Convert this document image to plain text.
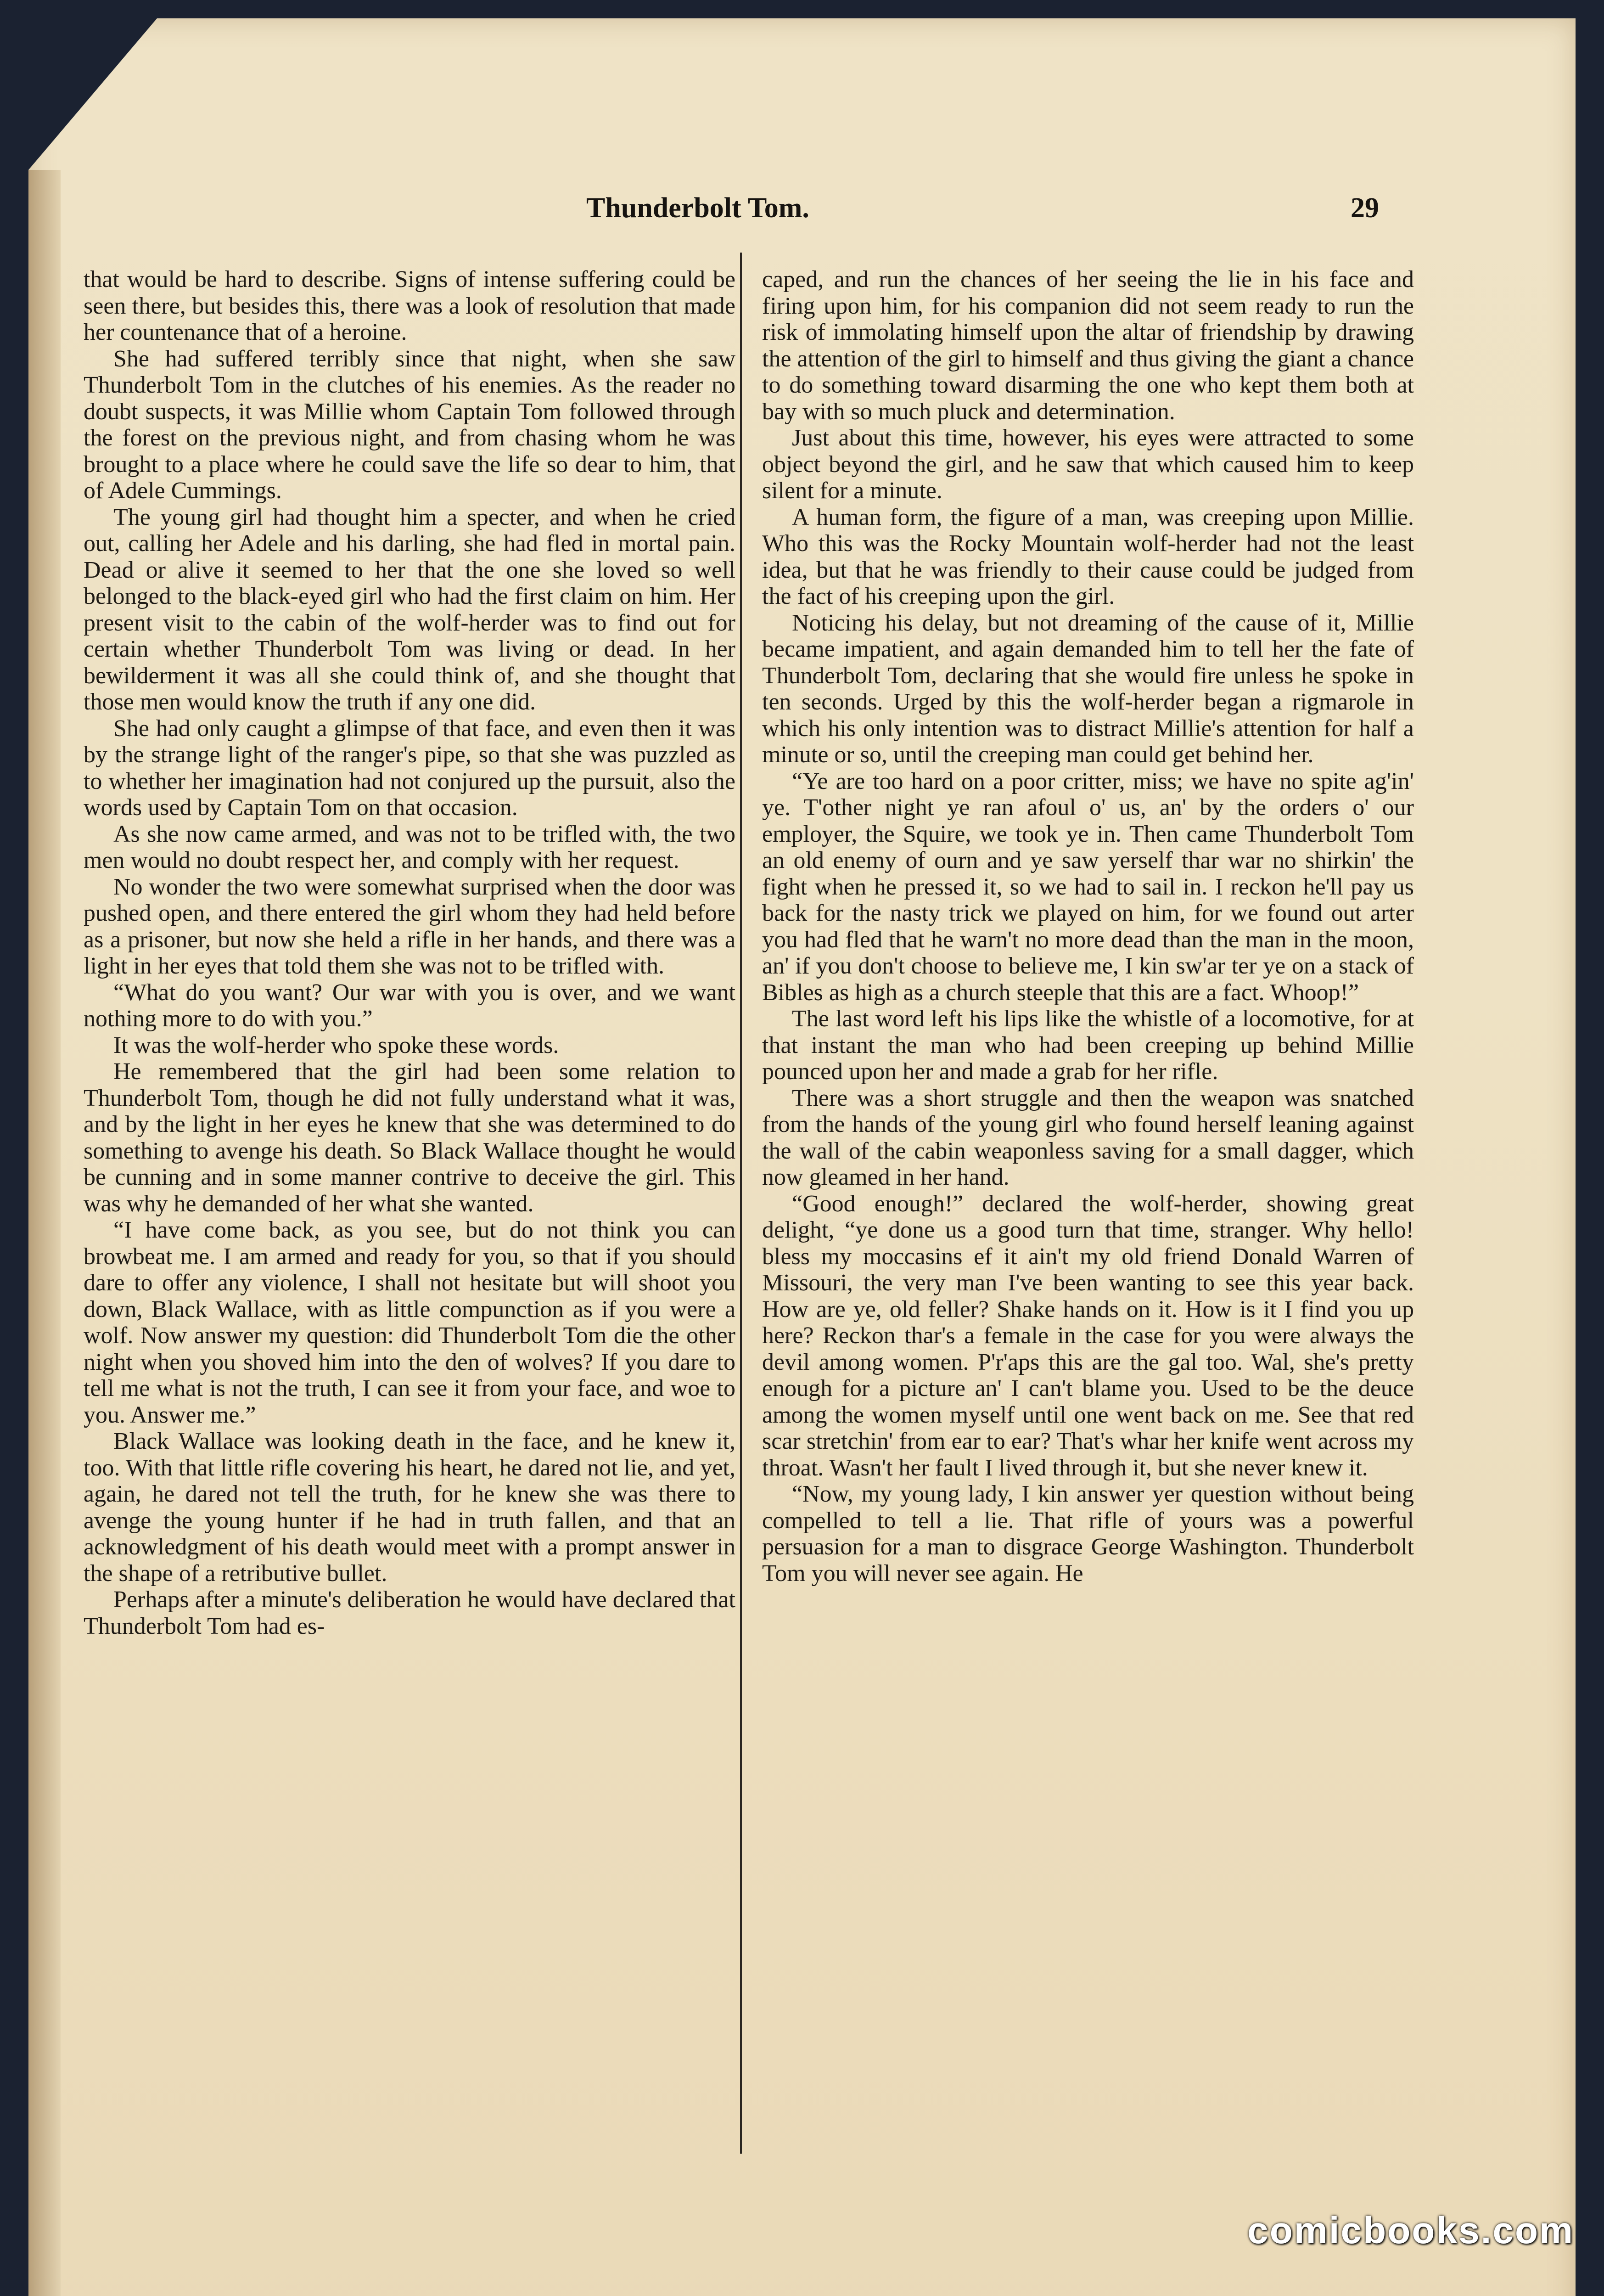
Thunderbolt Tom.	29

that would be hard to describe. Signs of intense suffering could be seen there, but besides this, there was a look of resolution that made her countenance that of a heroine.

She had suffered terribly since that night, when she saw Thunderbolt Tom in the clutches of his enemies. As the reader no doubt suspects, it was Millie whom Captain Tom followed through the forest on the previous night, and from chasing whom he was brought to a place where he could save the life so dear to him, that of Adele Cummings.

The young girl had thought him a specter, and when he cried out, calling her Adele and his darling, she had fled in mortal pain. Dead or alive it seemed to her that the one she loved so well belonged to the black-eyed girl who had the first claim on him. Her present visit to the cabin of the wolf-herder was to find out for certain whether Thunderbolt Tom was living or dead. In her bewilderment it was all she could think of, and she thought that those men would know the truth if any one did.

She had only caught a glimpse of that face, and even then it was by the strange light of the ranger's pipe, so that she was puzzled as to whether her imagination had not conjured up the pursuit, also the words used by Captain Tom on that occasion.

As she now came armed, and was not to be trifled with, the two men would no doubt respect her, and comply with her request.

No wonder the two were somewhat surprised when the door was pushed open, and there entered the girl whom they had held before as a prisoner, but now she held a rifle in her hands, and there was a light in her eyes that told them she was not to be trifled with.

“What do you want? Our war with you is over, and we want nothing more to do with you.”

It was the wolf-herder who spoke these words.

He remembered that the girl had been some relation to Thunderbolt Tom, though he did not fully understand what it was, and by the light in her eyes he knew that she was determined to do something to avenge his death. So Black Wallace thought he would be cunning and in some manner contrive to deceive the girl. This was why he demanded of her what she wanted.

“I have come back, as you see, but do not think you can browbeat me. I am armed and ready for you, so that if you should dare to offer any violence, I shall not hesitate but will shoot you down, Black Wallace, with as little compunction as if you were a wolf. Now answer my question: did Thunderbolt Tom die the other night when you shoved him into the den of wolves? If you dare to tell me what is not the truth, I can see it from your face, and woe to you. Answer me.”

Black Wallace was looking death in the face, and he knew it, too. With that little rifle covering his heart, he dared not lie, and yet, again, he dared not tell the truth, for he knew she was there to avenge the young hunter if he had in truth fallen, and that an acknowledgment of his death would meet with a prompt answer in the shape of a retributive bullet.

Perhaps after a minute's deliberation he would have declared that Thunderbolt Tom had es-

caped, and run the chances of her seeing the lie in his face and firing upon him, for his companion did not seem ready to run the risk of immolating himself upon the altar of friendship by drawing the attention of the girl to himself and thus giving the giant a chance to do something toward disarming the one who kept them both at bay with so much pluck and determination.

Just about this time, however, his eyes were attracted to some object beyond the girl, and he saw that which caused him to keep silent for a minute.

A human form, the figure of a man, was creeping upon Millie. Who this was the Rocky Mountain wolf-herder had not the least idea, but that he was friendly to their cause could be judged from the fact of his creeping upon the girl.

Noticing his delay, but not dreaming of the cause of it, Millie became impatient, and again demanded him to tell her the fate of Thunderbolt Tom, declaring that she would fire unless he spoke in ten seconds. Urged by this the wolf-herder began a rigmarole in which his only intention was to distract Millie's attention for half a minute or so, until the creeping man could get behind her.

“Ye are too hard on a poor critter, miss; we have no spite ag'in' ye. T'other night ye ran afoul o' us, an' by the orders o' our employer, the Squire, we took ye in. Then came Thunderbolt Tom an old enemy of ourn and ye saw yerself thar war no shirkin' the fight when he pressed it, so we had to sail in. I reckon he'll pay us back for the nasty trick we played on him, for we found out arter you had fled that he warn't no more dead than the man in the moon, an' if you don't choose to believe me, I kin sw'ar ter ye on a stack of Bibles as high as a church steeple that this are a fact. Whoop!”

The last word left his lips like the whistle of a locomotive, for at that instant the man who had been creeping up behind Millie pounced upon her and made a grab for her rifle.

There was a short struggle and then the weapon was snatched from the hands of the young girl who found herself leaning against the wall of the cabin weaponless saving for a small dagger, which now gleamed in her hand.

“Good enough!” declared the wolf-herder, showing great delight, “ye done us a good turn that time, stranger. Why hello! bless my moccasins ef it ain't my old friend Donald Warren of Missouri, the very man I've been wanting to see this year back. How are ye, old feller? Shake hands on it. How is it I find you up here? Reckon thar's a female in the case for you were always the devil among women. P'r'aps this are the gal too. Wal, she's pretty enough for a picture an' I can't blame you. Used to be the deuce among the women myself until one went back on me. See that red scar stretchin' from ear to ear? That's whar her knife went across my throat. Wasn't her fault I lived through it, but she never knew it.

“Now, my young lady, I kin answer yer question without being compelled to tell a lie. That rifle of yours was a powerful persuasion for a man to disgrace George Washington. Thunderbolt Tom you will never see again. He

comicbooks.com
